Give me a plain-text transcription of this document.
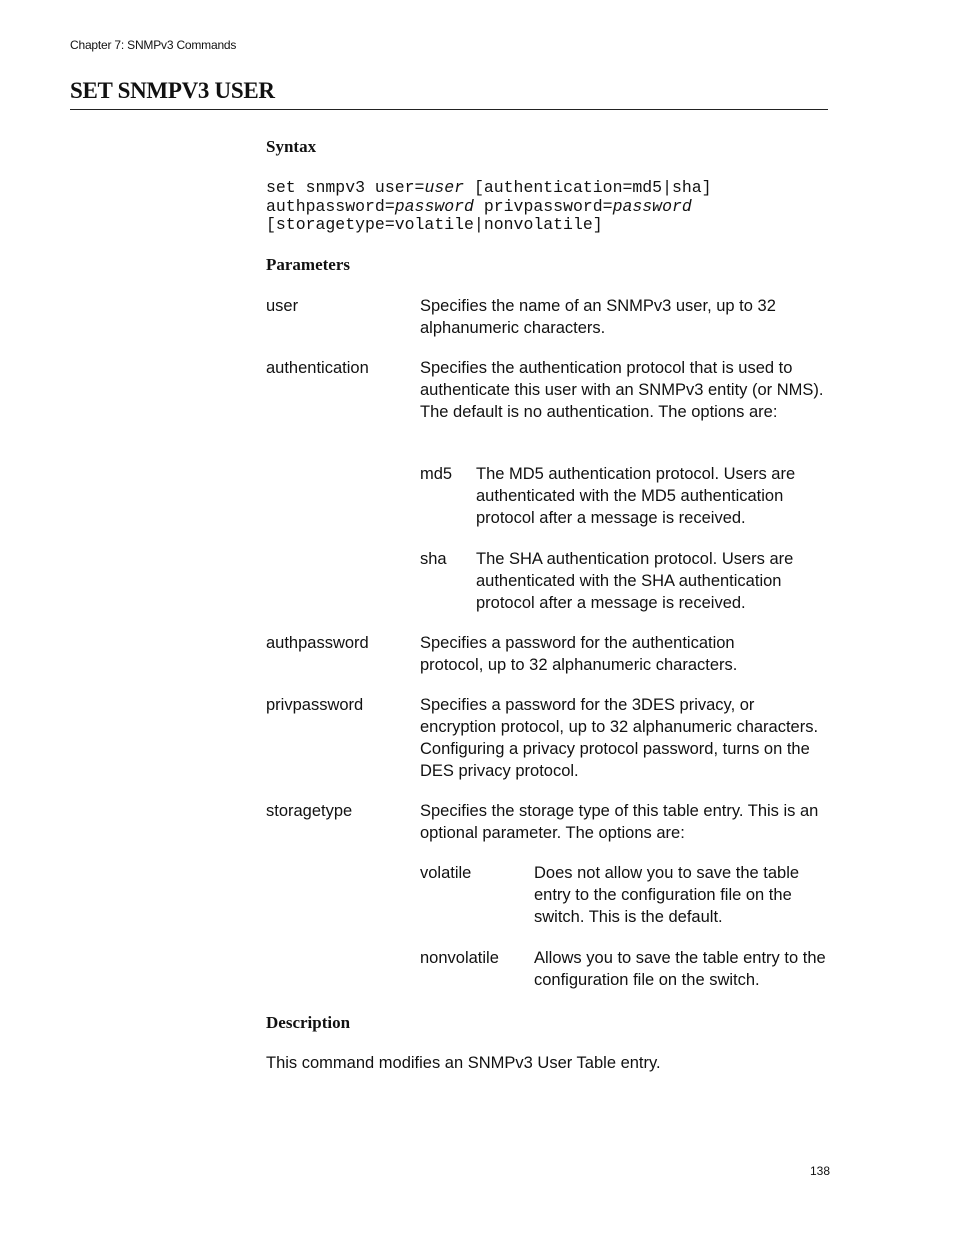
Chapter 7: SNMPv3 Commands
SET SNMPV3 USER
Syntax
set snmpv3 user=user [authentication=md5|sha]
authpassword=password privpassword=password
[storagetype=volatile|nonvolatile]
Parameters
user	Specifies the name of an SNMPv3 user, up to 32 alphanumeric characters.
authentication	Specifies the authentication protocol that is used to authenticate this user with an SNMPv3 entity (or NMS). The default is no authentication. The options are:
md5 The MD5 authentication protocol. Users are authenticated with the MD5 authentication protocol after a message is received.
sha The SHA authentication protocol. Users are authenticated with the SHA authentication protocol after a message is received.
authpassword	Specifies a password for the authentication protocol, up to 32 alphanumeric characters.
privpassword	Specifies a password for the 3DES privacy, or encryption protocol, up to 32 alphanumeric characters. Configuring a privacy protocol password, turns on the DES privacy protocol.
storagetype	Specifies the storage type of this table entry. This is an optional parameter. The options are:
volatile	Does not allow you to save the table entry to the configuration file on the switch. This is the default.
nonvolatile Allows you to save the table entry to the configuration file on the switch.
Description
This command modifies an SNMPv3 User Table entry.
138
